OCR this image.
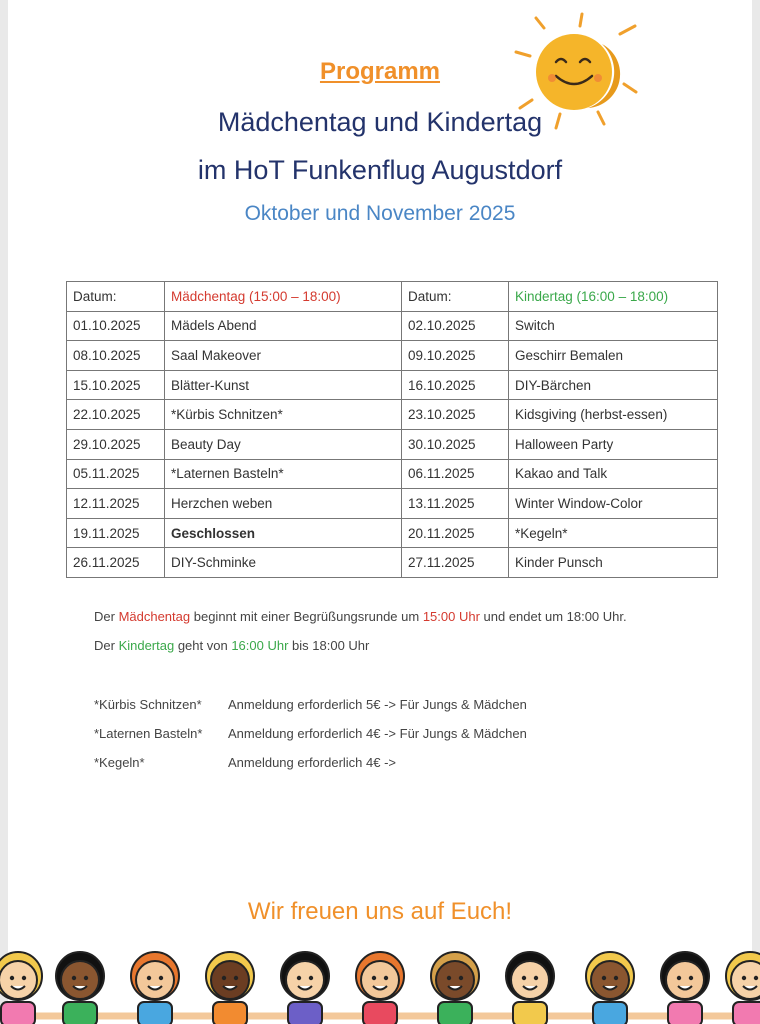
Programm
Mädchentag und Kindertag
im HoT Funkenflug Augustdorf
Oktober und November 2025
Datum:	Mädchentag (15:00 – 18:00)	Datum:	Kindertag (16:00 – 18:00)
01.10.2025	Mädels Abend	02.10.2025	Switch
08.10.2025	Saal Makeover	09.10.2025	Geschirr Bemalen
15.10.2025	Blätter-Kunst	16.10.2025	DIY-Bärchen
22.10.2025	*Kürbis Schnitzen*	23.10.2025	Kidsgiving (herbst-essen)
29.10.2025	Beauty Day	30.10.2025	Halloween Party
05.11.2025	*Laternen Basteln*	06.11.2025	Kakao and Talk
12.11.2025	Herzchen weben	13.11.2025	Winter Window-Color
19.11.2025	Geschlossen	20.11.2025	*Kegeln*
26.11.2025	DIY-Schminke	27.11.2025	Kinder Punsch
Der Mädchentag beginnt mit einer Begrüßungsrunde um 15:00 Uhr und endet um 18:00 Uhr.
Der Kindertag geht von 16:00 Uhr bis 18:00 Uhr
*Kürbis Schnitzen* Anmeldung erforderlich 5€ -> Für Jungs & Mädchen
*Laternen Basteln* Anmeldung erforderlich 4€ -> Für Jungs & Mädchen
*Kegeln*	Anmeldung erforderlich 4€ ->
Wir freuen uns auf Euch!
